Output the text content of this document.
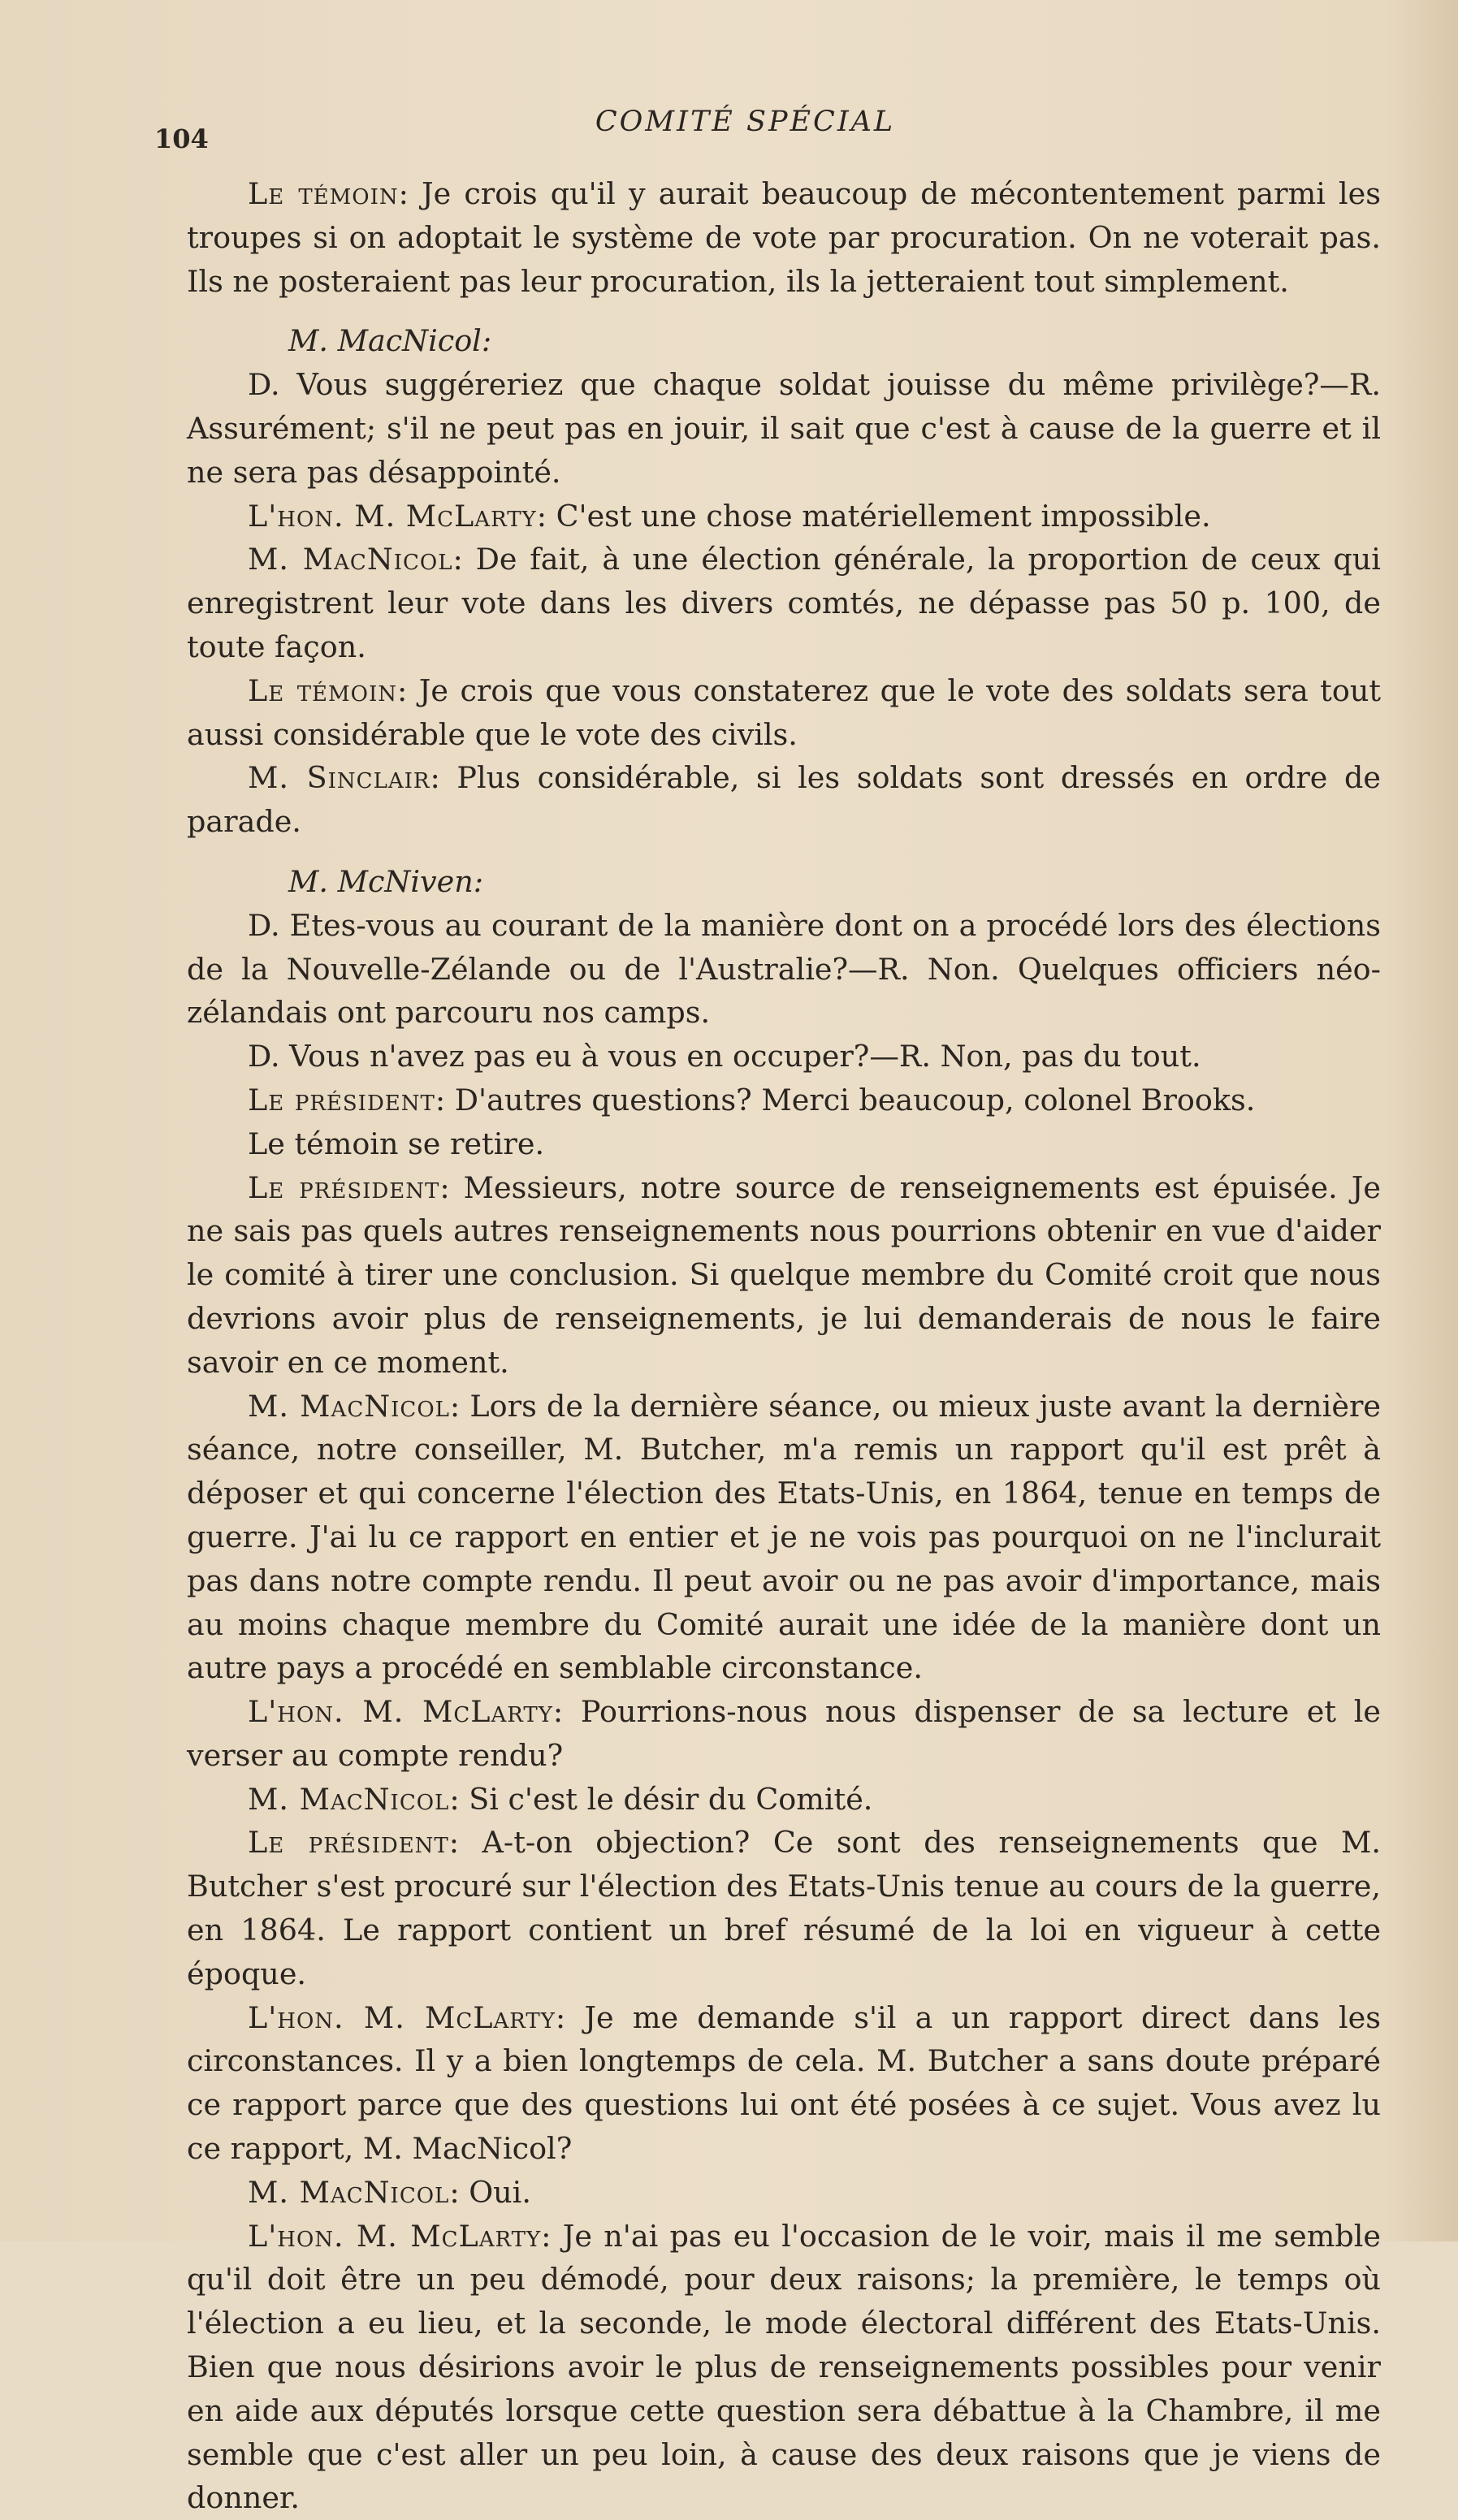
104
COMITÉ SPÉCIAL

Le témoin: Je crois qu'il y aurait beaucoup de mécontentement parmi les troupes si on adoptait le système de vote par procuration. On ne voterait pas. Ils ne posteraient pas leur procuration, ils la jetteraient tout simplement.

M. MacNicol:

D. Vous suggéreriez que chaque soldat jouisse du même privilège?—R. Assurément; s'il ne peut pas en jouir, il sait que c'est à cause de la guerre et il ne sera pas désappointé.

L'hon. M. McLarty: C'est une chose matériellement impossible.

M. MacNicol: De fait, à une élection générale, la proportion de ceux qui enregistrent leur vote dans les divers comtés, ne dépasse pas 50 p. 100, de toute façon.

Le témoin: Je crois que vous constaterez que le vote des soldats sera tout aussi considérable que le vote des civils.

M. Sinclair: Plus considérable, si les soldats sont dressés en ordre de parade.

M. McNiven:

D. Etes-vous au courant de la manière dont on a procédé lors des élections de la Nouvelle-Zélande ou de l'Australie?—R. Non. Quelques officiers néo-zélandais ont parcouru nos camps.

D. Vous n'avez pas eu à vous en occuper?—R. Non, pas du tout.

Le président: D'autres questions? Merci beaucoup, colonel Brooks.

Le témoin se retire.

Le président: Messieurs, notre source de renseignements est épuisée. Je ne sais pas quels autres renseignements nous pourrions obtenir en vue d'aider le comité à tirer une conclusion. Si quelque membre du Comité croit que nous devrions avoir plus de renseignements, je lui demanderais de nous le faire savoir en ce moment.

M. MacNicol: Lors de la dernière séance, ou mieux juste avant la dernière séance, notre conseiller, M. Butcher, m'a remis un rapport qu'il est prêt à déposer et qui concerne l'élection des Etats-Unis, en 1864, tenue en temps de guerre. J'ai lu ce rapport en entier et je ne vois pas pourquoi on ne l'inclurait pas dans notre compte rendu. Il peut avoir ou ne pas avoir d'importance, mais au moins chaque membre du Comité aurait une idée de la manière dont un autre pays a procédé en semblable circonstance.

L'hon. M. McLarty: Pourrions-nous nous dispenser de sa lecture et le verser au compte rendu?

M. MacNicol: Si c'est le désir du Comité.

Le président: A-t-on objection? Ce sont des renseignements que M. Butcher s'est procuré sur l'élection des Etats-Unis tenue au cours de la guerre, en 1864. Le rapport contient un bref résumé de la loi en vigueur à cette époque.

L'hon. M. McLarty: Je me demande s'il a un rapport direct dans les circonstances. Il y a bien longtemps de cela. M. Butcher a sans doute préparé ce rapport parce que des questions lui ont été posées à ce sujet. Vous avez lu ce rapport, M. MacNicol?

M. MacNicol: Oui.

L'hon. M. McLarty: Je n'ai pas eu l'occasion de le voir, mais il me semble qu'il doit être un peu démodé, pour deux raisons; la première, le temps où l'élection a eu lieu, et la seconde, le mode électoral différent des Etats-Unis. Bien que nous désirions avoir le plus de renseignements possibles pour venir en aide aux députés lorsque cette question sera débattue à la Chambre, il me semble que c'est aller un peu loin, à cause des deux raisons que je viens de donner.
